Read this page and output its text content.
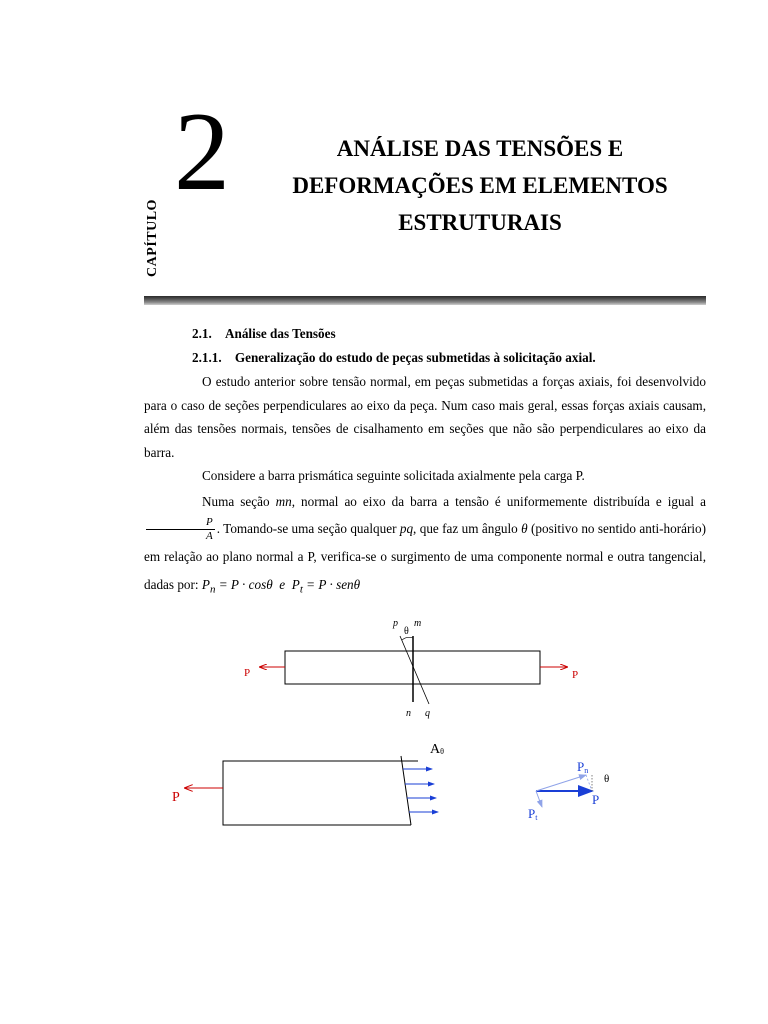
CAPÍTULO
2	ANÁLISE DAS TENSÕES E
DEFORMAÇÕES EM ELEMENTOS
ESTRUTURAIS
2.1. Análise das Tensões
2.1.1. Generalização do estudo de peças submetidas à solicitação axial.

O estudo anterior sobre tensão normal, em peças submetidas a forças axiais, foi desenvolvido para o caso de seções perpendiculares ao eixo da peça. Num caso mais geral, essas forças axiais causam, além das tensões normais, tensões de cisalhamento em seções que não são perpendiculares ao eixo da barra.

Considere a barra prismática seguinte solicitada axialmente pela carga P.

Numa seção mn, normal ao eixo da barra a tensão é uniformemente distribuída e igual a
$\frac{P}{A}$ . Tomando-se uma seção qualquer pq, que faz um ângulo θ (positivo no sentido anti-horário) em relação ao plano normal a P, verifica-se o surgimento de uma componente normal e outra tangencial, dadas por: $P_n = P \cdot \cos\theta$ e $P_t = P \cdot sen\theta$

p m
θ
P	P
n q
P
Aθ
Pn
θ
P
Pt
